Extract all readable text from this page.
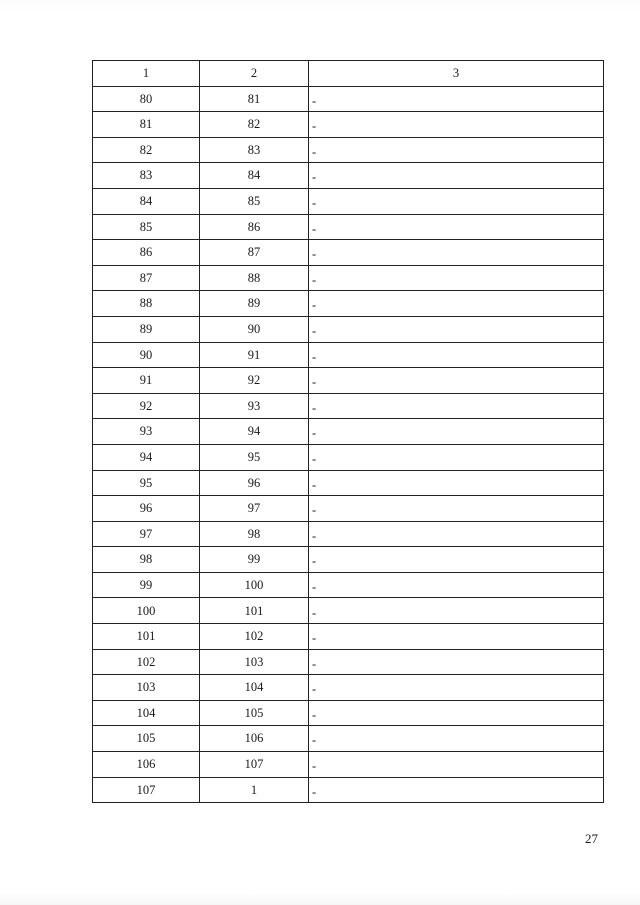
1	2	3
80	81	-
81	82	-
82	83	-
83	84	-
84	85	-
85	86	-
86	87	-
87	88	-
88	89	-
89	90	-
90	91	-
91	92	-
92	93	-
93	94	-
94	95	-
95	96	-
96	97	-
97	98	-
98	99	-
99	100	-
100	101	-
101	102	-
102	103	-
103	104	-
104	105	-
105	106	-
106	107	-
107	1	-
27
